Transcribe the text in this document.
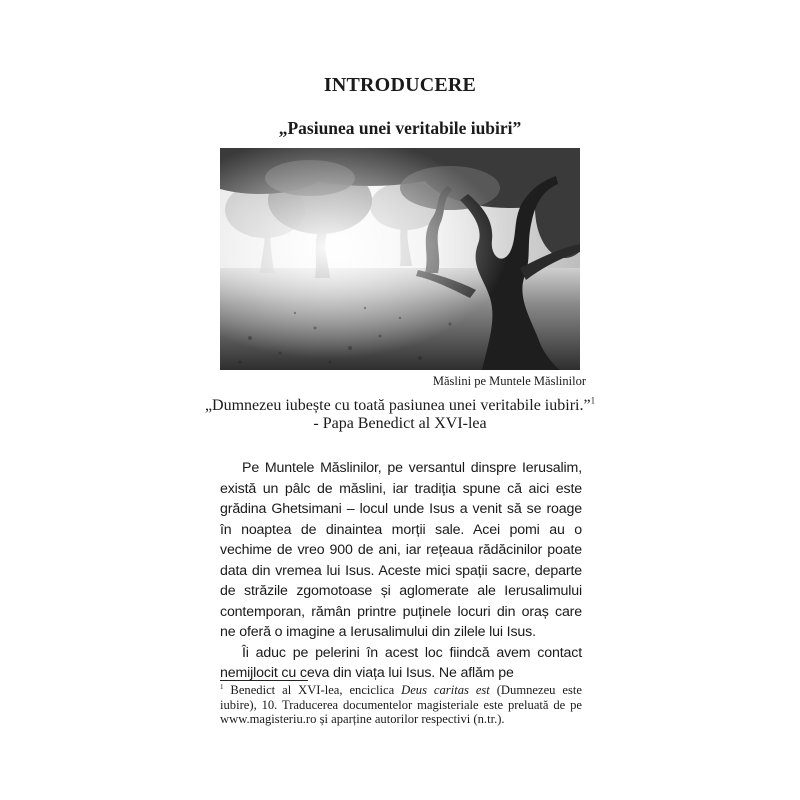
INTRODUCERE
„Pasiunea unei veritabile iubiri”
Măslini pe Muntele Măslinilor
„Dumnezeu iubește cu toată pasiunea unei veritabile iubiri.”$^1$
- Papa Benedict al XVI-lea

Pe Muntele Măslinilor, pe versantul dinspre Ierusalim, există un pâlc de măslini, iar tradiția spune că aici este grădina Ghetsimani – locul unde Isus a venit să se roage în noaptea de dinaintea morții sale. Acei pomi au o vechime de vreo 900 de ani, iar rețeaua rădăcinilor poate data din vremea lui Isus. Aceste mici spații sacre, departe de străzile zgomotoase și aglomerate ale Ierusalimului contemporan, rămân printre puținele locuri din oraș care ne oferă o imagine a Ierusalimului din zilele lui Isus.

Îi aduc pe pelerini în acest loc fiindcă avem contact nemijlocit cu ceva din viața lui Isus. Ne aflăm pe

$^1$ Benedict al XVI-lea, enciclica Deus caritas est (Dumnezeu este iubire), 10. Traducerea documentelor magisteriale este preluată de pe www.magisteriu.ro și aparține autorilor respectivi (n.tr.).
